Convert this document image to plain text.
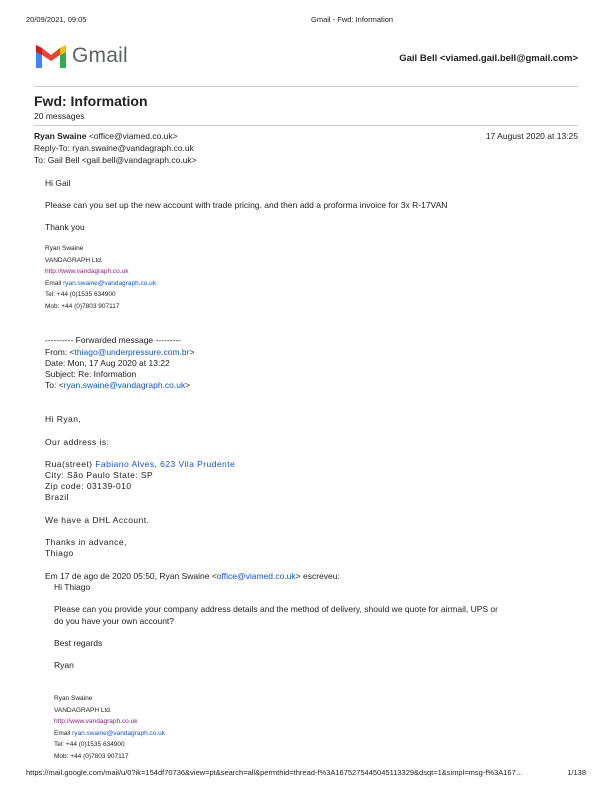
20/09/2021, 09:05	Gmail - Fwd: Information
Gmail	Gail Bell <viamed.gail.bell@gmail.com>
Fwd: Information
20 messages
Ryan Swaine <office@viamed.co.uk>	17 August 2020 at 13:25
Reply-To: ryan.swaine@vandagraph.co.uk
To: Gail Bell <gail.bell@vandagraph.co.uk>
Hi Gail
Please can you set up the new account with trade pricing. and then add a proforma invoice for 3x R-17VAN
Thank you
Ryan Swaine
VANDAGRAPH Ltd.
http://www.vandagraph.co.uk
Email ryan.swaine@vandagraph.co.uk
Tel: +44 (0)1535 634900
Mob: +44 (0)7803 907117
---------- Forwarded message ---------
From: <thiago@underpressure.com.br>
Date: Mon, 17 Aug 2020 at 13:22
Subject: Re: Information
To: <ryan.swaine@vandagraph.co.uk>
Hi Ryan,
Our address is:
Rua(street) Fabiano Alves, 623 Vila Prudente
City: São Paulo State: SP
Zip code: 03139-010
Brazil
We have a DHL Account.
Thanks in advance,
Thiago
Em 17 de ago de 2020 05:50, Ryan Swaine <office@viamed.co.uk> escreveu:
Hi Thiago
Please can you provide your company address details and the method of delivery, should we quote for airmail, UPS or
do you have your own account?
Best regards
Ryan
Ryan Swaine
VANDAGRAPH Ltd.
http://www.vandagraph.co.uk
Email ryan.swaine@vandagraph.co.uk
Tel: +44 (0)1535 634900
Mob: +44 (0)7803 907117
https://mail.google.com/mail/u/0?ik=154df70736&view=pt&search=all&permthid=thread-f%3A1675275445045113329&dsqt=1&simpl=msg-f%3A167…	1/138
